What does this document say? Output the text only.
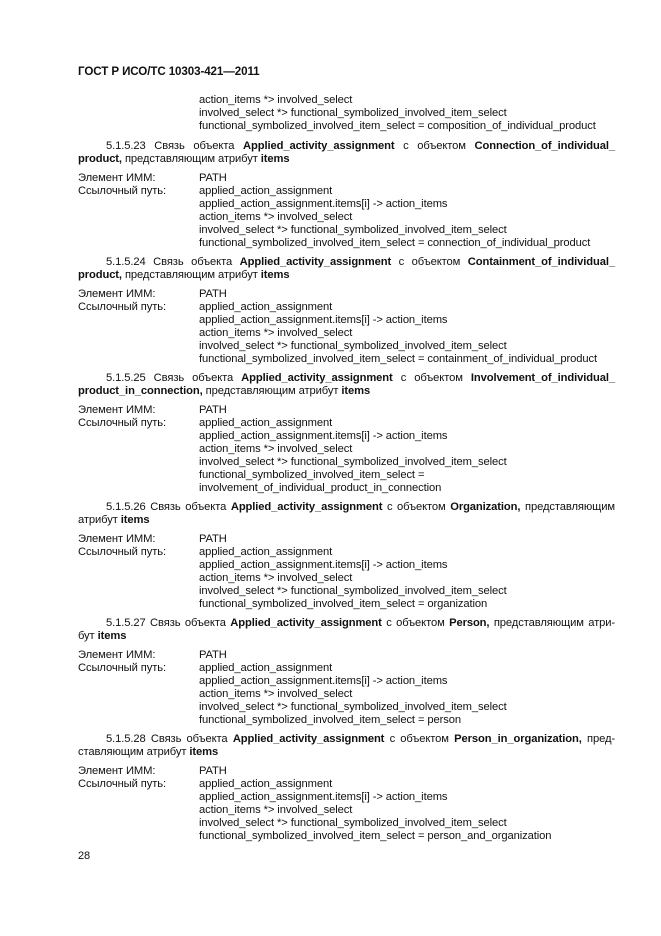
ГОСТ Р ИСО/ТС 10303-421—2011
action_items *> involved_select
involved_select *> functional_symbolized_involved_item_select
functional_symbolized_involved_item_select = composition_of_individual_product
5.1.5.23 Связь объекта Applied_activity_assignment с объектом Connection_of_individual_
product, представляющим атрибут items
Элемент ИММ:	PATH
Ссылочный путь:	applied_action_assignment
applied_action_assignment.items[i] -> action_items
action_items *> involved_select
involved_select *> functional_symbolized_involved_item_select
functional_symbolized_involved_item_select = connection_of_individual_product
5.1.5.24 Связь объекта Applied_activity_assignment с объектом Containment_of_individual_
product, представляющим атрибут items
Элемент ИММ:	PATH
Ссылочный путь:	applied_action_assignment
applied_action_assignment.items[i] -> action_items
action_items *> involved_select
involved_select *> functional_symbolized_involved_item_select
functional_symbolized_involved_item_select = containment_of_individual_product
5.1.5.25 Связь объекта Applied_activity_assignment с объектом Involvement_of_individual_
product_in_connection, представляющим атрибут items
Элемент ИММ:	PATH
Ссылочный путь:	applied_action_assignment
applied_action_assignment.items[i] -> action_items
action_items *> involved_select
involved_select *> functional_symbolized_involved_item_select
functional_symbolized_involved_item_select =
involvement_of_individual_product_in_connection
5.1.5.26 Связь объекта Applied_activity_assignment с объектом Organization, представляющим
атрибут items
Элемент ИММ:	PATH
Ссылочный путь:	applied_action_assignment
applied_action_assignment.items[i] -> action_items
action_items *> involved_select
involved_select *> functional_symbolized_involved_item_select
functional_symbolized_involved_item_select = organization
5.1.5.27 Связь объекта Applied_activity_assignment с объектом Person, представляющим атри-
бут items
Элемент ИММ:	PATH
Ссылочный путь:	applied_action_assignment
applied_action_assignment.items[i] -> action_items
action_items *> involved_select
involved_select *> functional_symbolized_involved_item_select
functional_symbolized_involved_item_select = person
5.1.5.28 Связь объекта Applied_activity_assignment с объектом Person_in_organization, пред-
ставляющим атрибут items
Элемент ИММ:	PATH
Ссылочный путь:	applied_action_assignment
applied_action_assignment.items[i] -> action_items
action_items *> involved_select
involved_select *> functional_symbolized_involved_item_select
functional_symbolized_involved_item_select = person_and_organization
28
